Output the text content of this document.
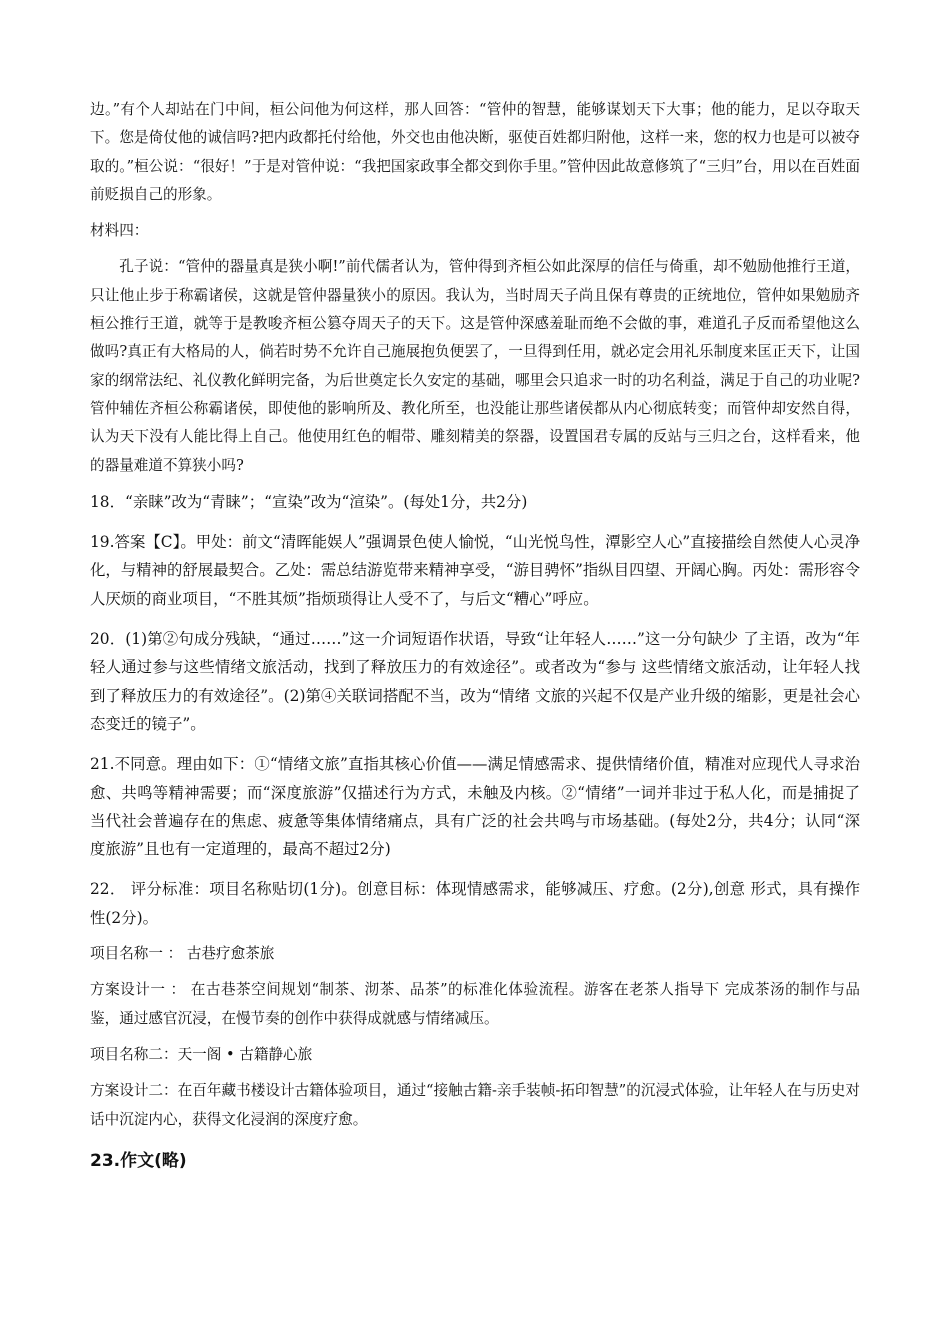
边。”有个人却站在门中间，桓公问他为何这样，那人回答：“管仲的智慧，能够谋划天下大事；他的能力，足以夺取天下。您是倚仗他的诚信吗?把内政都托付给他，外交也由他决断，驱使百姓都归附他，这样一来，您的权力也是可以被夺取的。”桓公说：“很好！”于是对管仲说：“我把国家政事全都交到你手里。”管仲因此故意修筑了“三归”台，用以在百姓面前贬损自己的形象。

材料四：

孔子说：“管仲的器量真是狭小啊!”前代儒者认为，管仲得到齐桓公如此深厚的信任与倚重，却不勉励他推行王道，只让他止步于称霸诸侯，这就是管仲器量狭小的原因。我认为，当时周天子尚且保有尊贵的正统地位，管仲如果勉励齐桓公推行王道，就等于是教唆齐桓公篡夺周天子的天下。这是管仲深感羞耻而绝不会做的事，难道孔子反而希望他这么做吗?真正有大格局的人，倘若时势不允许自己施展抱负便罢了，一旦得到任用，就必定会用礼乐制度来匡正天下，让国家的纲常法纪、礼仪教化鲜明完备，为后世奠定长久安定的基础，哪里会只追求一时的功名利益，满足于自己的功业呢?管仲辅佐齐桓公称霸诸侯，即使他的影响所及、教化所至，也没能让那些诸侯都从内心彻底转变；而管仲却安然自得，认为天下没有人能比得上自己。他使用红色的帽带、雕刻精美的祭器，设置国君专属的反站与三归之台，这样看来，他的器量难道不算狭小吗?

18．“亲睐”改为“青睐”；“宣染”改为“渲染”。(每处1分，共2分)

19.答案【C】。甲处：前文“清晖能娱人”强调景色使人愉悦，“山光悦鸟性，潭影空人心”直接描绘自然使人心灵净化，与精神的舒展最契合。乙处：需总结游览带来精神享受，“游目骋怀”指纵目四望、开阔心胸。丙处：需形容令人厌烦的商业项目，“不胜其烦”指烦琐得让人受不了，与后文“糟心”呼应。

20．(1)第②句成分残缺，“通过……”这一介词短语作状语，导致“让年轻人……”这一分句缺少 了主语，改为“年轻人通过参与这些情绪文旅活动，找到了释放压力的有效途径”。或者改为“参与 这些情绪文旅活动，让年轻人找到了释放压力的有效途径”。(2)第④关联词搭配不当，改为“情绪 文旅的兴起不仅是产业升级的缩影，更是社会心态变迁的镜子”。

21.不同意。理由如下：①“情绪文旅”直指其核心价值——满足情感需求、提供情绪价值，精准对应现代人寻求治愈、共鸣等精神需要；而“深度旅游”仅描述行为方式，未触及内核。②“情绪”一词并非过于私人化，而是捕捉了当代社会普遍存在的焦虑、疲惫等集体情绪痛点，具有广泛的社会共鸣与市场基础。(每处2分，共4分；认同“深度旅游”且也有一定道理的，最高不超过2分)

22． 评分标准：项目名称贴切(1分)。创意目标：体现情感需求，能够减压、疗愈。(2分),创意 形式，具有操作性(2分)。

项目名称一 ： 古巷疗愈茶旅

方案设计一 ： 在古巷茶空间规划“制茶、沏茶、品茶”的标准化体验流程。游客在老茶人指导下 完成茶汤的制作与品鉴，通过感官沉浸，在慢节奏的创作中获得成就感与情绪减压。

项目名称二：天一阁 • 古籍静心旅

方案设计二：在百年藏书楼设计古籍体验项目，通过“接触古籍-亲手装帧-拓印智慧”的沉浸式体验，让年轻人在与历史对话中沉淀内心，获得文化浸润的深度疗愈。

23.作文(略)
